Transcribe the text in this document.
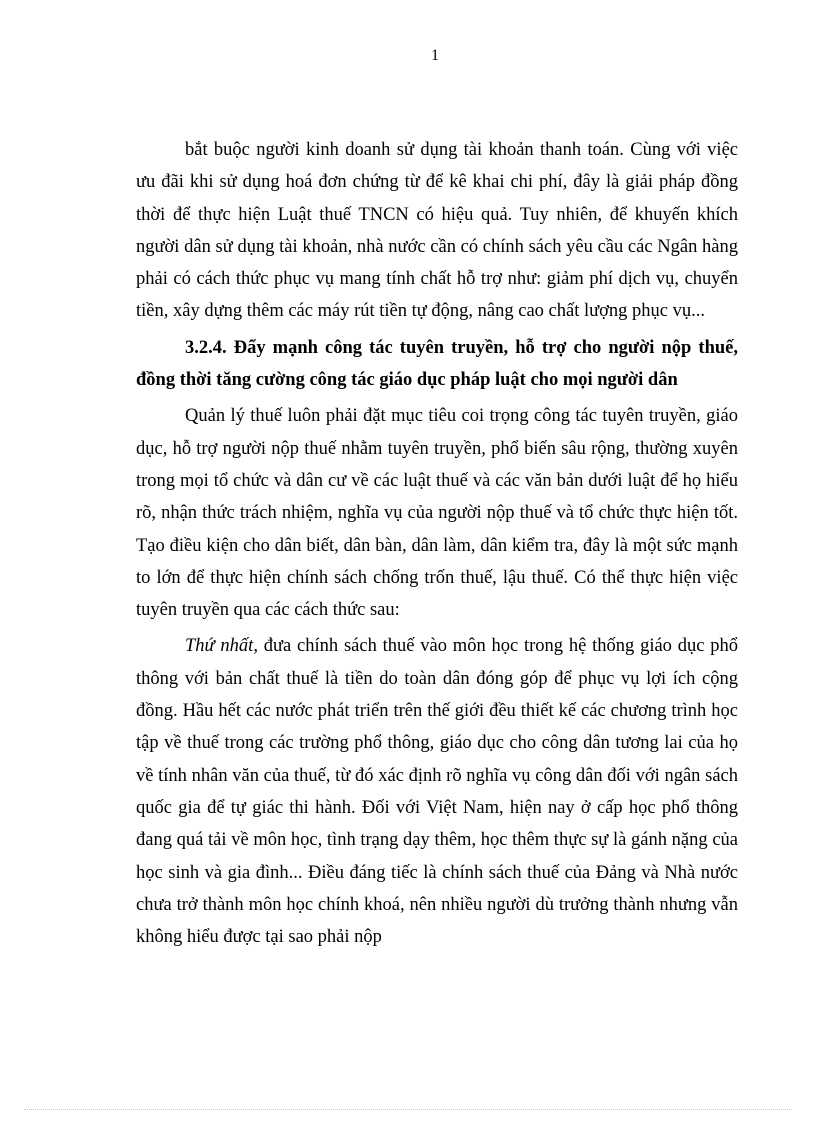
1

bắt buộc người kinh doanh sử dụng tài khoản thanh toán. Cùng với việc ưu đãi khi sử dụng hoá đơn chứng từ để kê khai chi phí, đây là giải pháp đồng thời để thực hiện Luật thuế TNCN có hiệu quả. Tuy nhiên, để khuyến khích người dân sử dụng tài khoản, nhà nước cần có chính sách yêu cầu các Ngân hàng phải có cách thức phục vụ mang tính chất hỗ trợ như: giảm phí dịch vụ, chuyển tiền, xây dựng thêm các máy rút tiền tự động, nâng cao chất lượng phục vụ...

3.2.4. Đẩy mạnh công tác tuyên truyền, hỗ trợ cho người nộp thuế, đồng thời tăng cường công tác giáo dục pháp luật cho mọi người dân

Quản lý thuế luôn phải đặt mục tiêu coi trọng công tác tuyên truyền, giáo dục, hỗ trợ người nộp thuế nhằm tuyên truyền, phổ biến sâu rộng, thường xuyên trong mọi tổ chức và dân cư về các luật thuế và các văn bản dưới luật để họ hiểu rõ, nhận thức trách nhiệm, nghĩa vụ của người nộp thuế và tổ chức thực hiện tốt. Tạo điều kiện cho dân biết, dân bàn, dân làm, dân kiểm tra, đây là một sức mạnh to lớn để thực hiện chính sách chống trốn thuế, lậu thuế. Có thể thực hiện việc tuyên truyền qua các cách thức sau:

Thứ nhất, đưa chính sách thuế vào môn học trong hệ thống giáo dục phổ thông với bản chất thuế là tiền do toàn dân đóng góp để phục vụ lợi ích cộng đồng. Hầu hết các nước phát triển trên thế giới đều thiết kế các chương trình học tập về thuế trong các trường phổ thông, giáo dục cho công dân tương lai của họ về tính nhân văn của thuế, từ đó xác định rõ nghĩa vụ công dân đối với ngân sách quốc gia để tự giác thi hành. Đối với Việt Nam, hiện nay ở cấp học phổ thông đang quá tải về môn học, tình trạng dạy thêm, học thêm thực sự là gánh nặng của học sinh và gia đình... Điều đáng tiếc là chính sách thuế của Đảng và Nhà nước chưa trở thành môn học chính khoá, nên nhiều người dù trưởng thành nhưng vẫn không hiểu được tại sao phải nộp
